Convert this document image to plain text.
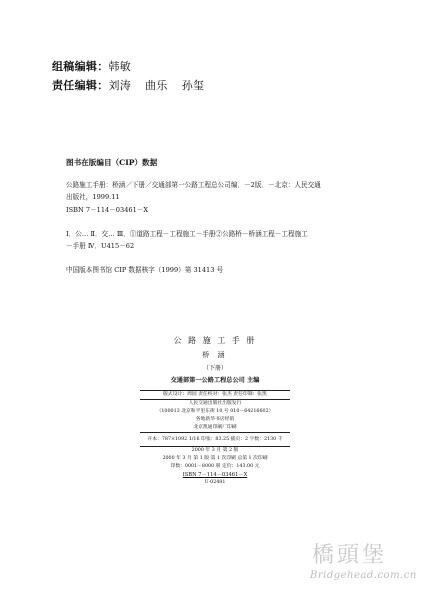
组稿编辑：韩敏
责任编辑：刘涛 曲乐 孙玺
图书在版编目（CIP）数据
公路施工手册：桥涵／下册／交通部第一公路工程总公司编．－2版．－北京：人民交通
出版社，1999.11
ISBN 7－114－03461－X
Ⅰ．公… Ⅱ．交… Ⅲ．①道路工程－工程施工－手册②公路桥－桥涵工程－工程施工
－手册 Ⅳ．U415－62
中国版本图书馆 CIP 数据核字（1999）第 31413 号
公 路 施 工 手 册
桥 涵
（下册）
交通部第一公路工程总公司 主编
版式设计：周园 责任校对：张杰 责任印制：张凯
人民交通出版社出版发行
（100013 北京和平里东街 10 号 010－64216602）
各地新华书店经销
北京凯通印刷厂印刷
开本：787×1092 1/16 印张：83.25 插页：2 字数：2130 千
2000 年 3 月 第 2 版
2000 年 3 月 第 1 版 第 1 次印刷 总第 1 次印刷
印数：0001－8000 册 定价：143.00 元
ISBN 7－114－03461－X
U·02481
橋頭堡
Bridgehead.com.cn
